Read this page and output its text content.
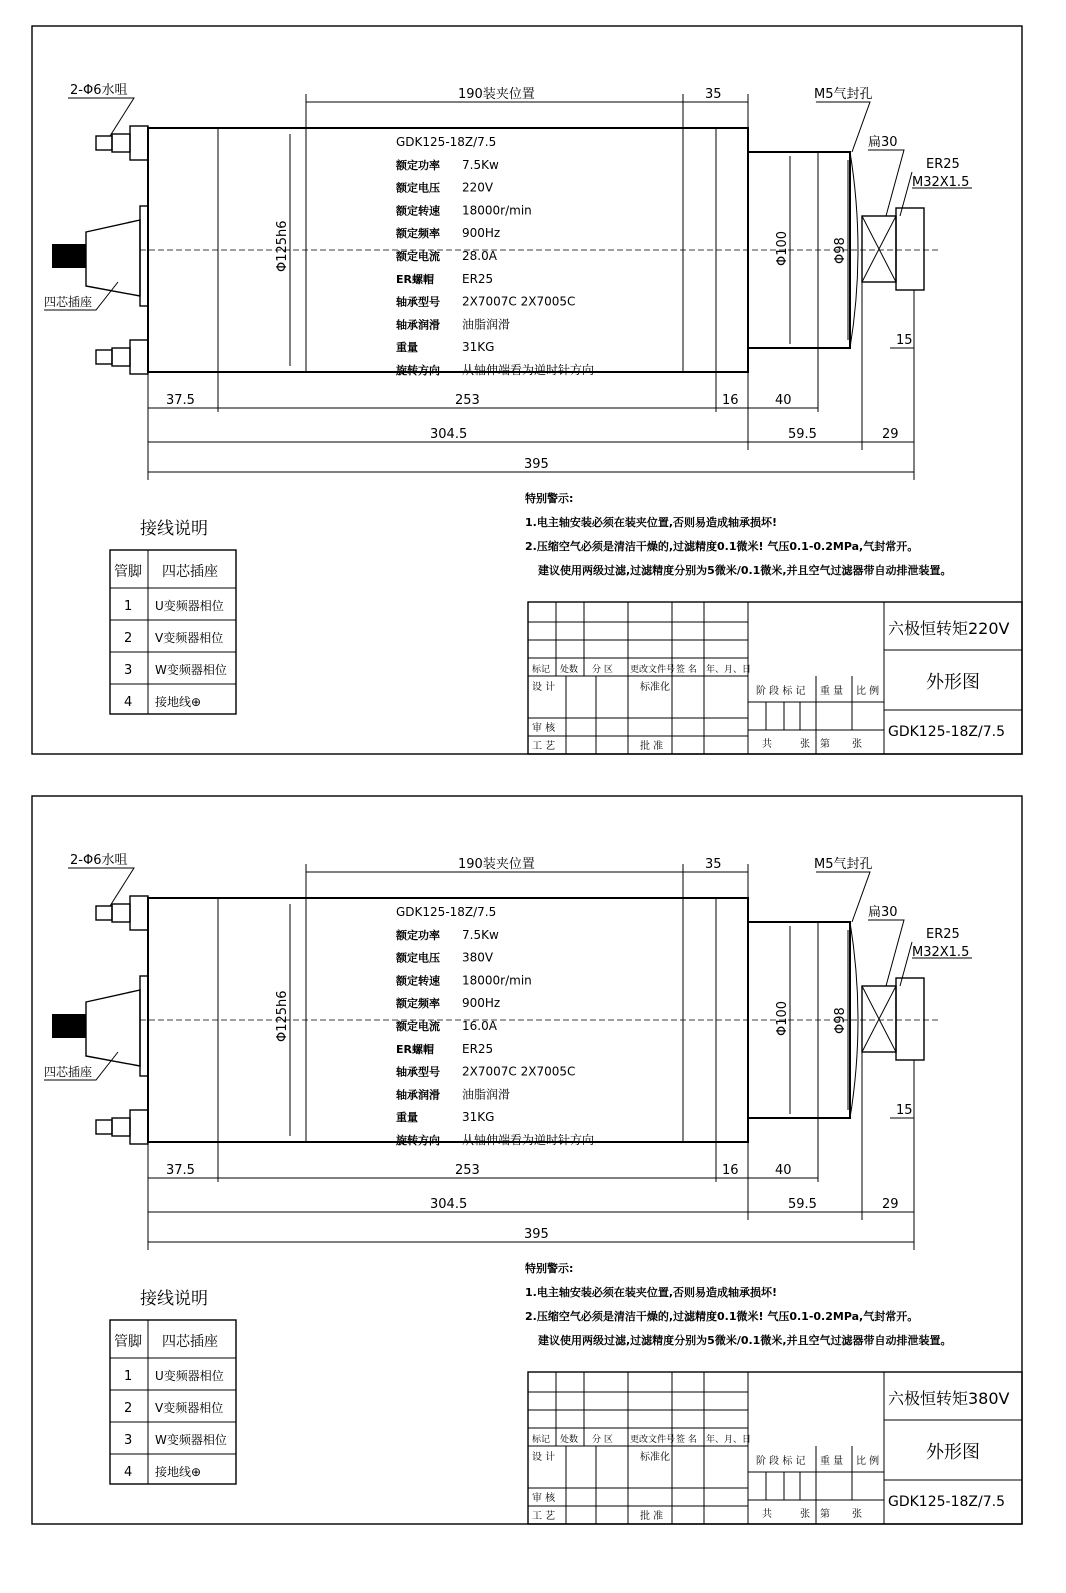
2-Φ6水咀	190装夹位置	35	M5气封孔
扁30
ER25
M32X1.5
四芯插座
15
Φ125h6	Φ100	Φ98
37.5	253	16	40
304.5	59.5	29
395
GDK125-18Z/7.5
额定功率 7.5Kw
额定电压 220V
额定转速 18000r/min
额定频率 900Hz
额定电流 28.0A
ER螺帽 ER25
轴承型号 2X7007C 2X7005C
轴承润滑 油脂润滑
重量	31KG
旋转方向 从轴伸端看为逆时针方向
特别警示:
1.电主轴安装必须在装夹位置,否则易造成轴承损坏!
2.压缩空气必须是清洁干燥的,过滤精度0.1微米! 气压0.1-0.2MPa,气封常开。
建议使用两级过滤,过滤精度分别为5微米/0.1微米,并且空气过滤器带自动排泄装置。
接线说明
管脚 四芯插座
1 U变频器相位
2 V变频器相位
3 W变频器相位
4 接地线⊕
标记 处数 分 区 更改文件号 签 名 年、月、日
设 计	标准化	阶 段 标 记 重 量 比 例
审 核
工 艺	批 准	共	张 第 张
六极恒转矩220V
外形图
GDK125-18Z/7.5
2-Φ6水咀	190装夹位置	35	M5气封孔
扁30
ER25
M32X1.5
四芯插座
15
Φ125h6	Φ100	Φ98
37.5	253	16	40
304.5	59.5	29
395
GDK125-18Z/7.5
额定功率 7.5Kw
额定电压 380V
额定转速 18000r/min
额定频率 900Hz
额定电流 16.0A
ER螺帽 ER25
轴承型号 2X7007C 2X7005C
轴承润滑 油脂润滑
重量	31KG
旋转方向 从轴伸端看为逆时针方向
特别警示:
1.电主轴安装必须在装夹位置,否则易造成轴承损坏!
2.压缩空气必须是清洁干燥的,过滤精度0.1微米! 气压0.1-0.2MPa,气封常开。
建议使用两级过滤,过滤精度分别为5微米/0.1微米,并且空气过滤器带自动排泄装置。
接线说明
管脚 四芯插座
1 U变频器相位
2 V变频器相位
3 W变频器相位
4 接地线⊕
标记 处数 分 区 更改文件号 签 名 年、月、日
设 计	标准化	阶 段 标 记 重 量 比 例
审 核
工 艺	批 准	共	张 第 张
六极恒转矩380V
外形图
GDK125-18Z/7.5
